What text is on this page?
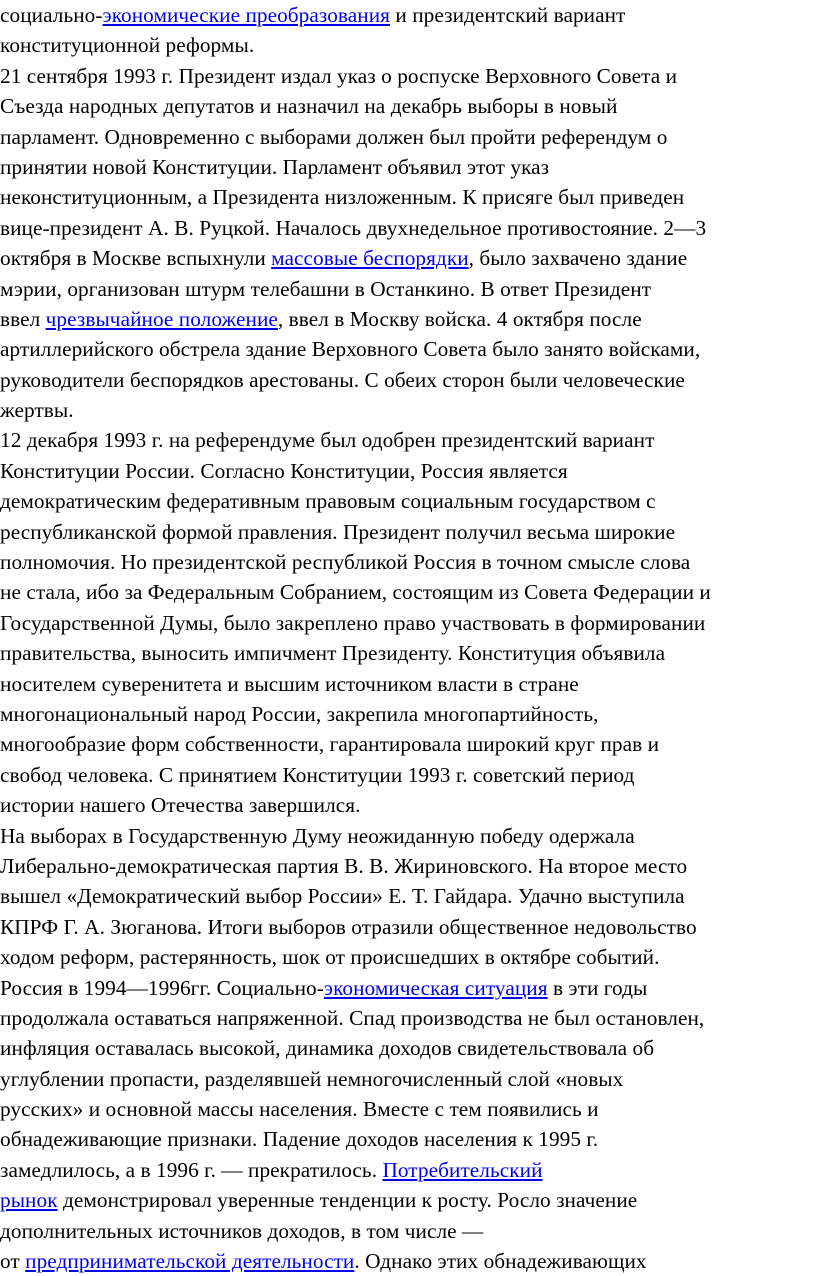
социально-экономические преобразования и президентский вариант
конституционной реформы.
21 сентября 1993 г. Президент издал указ о роспуске Верховного Совета и
Съезда народных депутатов и назначил на декабрь выборы в новый
парламент. Одновременно с выборами должен был пройти референдум о
принятии новой Конституции. Парламент объявил этот указ
неконституционным, а Президента низложенным. К присяге был приведен
вице-президент А. В. Руцкой. Началось двухнедельное противостояние. 2—3
октября в Москве вспыхнули массовые беспорядки, было захвачено здание
мэрии, организован штурм телебашни в Останкино. В ответ Президент
ввел чрезвычайное положение, ввел в Москву войска. 4 октября после
артиллерийского обстрела здание Верховного Совета было занято войсками,
руководители беспорядков арестованы. С обеих сторон были человеческие
жертвы.
12 декабря 1993 г. на референдуме был одобрен президентский вариант
Конституции России. Согласно Конституции, Россия является
демократическим федеративным правовым социальным государством с
республиканской формой правления. Президент получил весьма широкие
полномочия. Но президентской республикой Россия в точном смысле слова
не стала, ибо за Федеральным Собранием, состоящим из Совета Федерации и
Государственной Думы, было закреплено право участвовать в формировании
правительства, выносить импичмент Президенту. Конституция объявила
носителем суверенитета и высшим источником власти в стране
многонациональный народ России, закрепила многопартийность,
многообразие форм собственности, гарантировала широкий круг прав и
свобод человека. С принятием Конституции 1993 г. советский период
истории нашего Отечества завершился.
На выборах в Государственную Думу неожиданную победу одержала
Либерально-демократическая партия В. В. Жириновского. На второе место
вышел «Демократический выбор России» Е. Т. Гайдара. Удачно выступила
КПРФ Г. А. Зюганова. Итоги выборов отразили общественное недовольство
ходом реформ, растерянность, шок от происшедших в октябре событий.
Россия в 1994—1996гг. Социально-экономическая ситуация в эти годы
продолжала оставаться напряженной. Спад производства не был остановлен,
инфляция оставалась высокой, динамика доходов свидетельствовала об
углублении пропасти, разделявшей немногочисленный слой «новых
русских» и основной массы населения. Вместе с тем появились и
обнадеживающие признаки. Падение доходов населения к 1995 г.
замедлилось, а в 1996 г. — прекратилось. Потребительский
рынок демонстрировал уверенные тенденции к росту. Росло значение
дополнительных источников доходов, в том числе —
от предпринимательской деятельности. Однако этих обнадеживающих
